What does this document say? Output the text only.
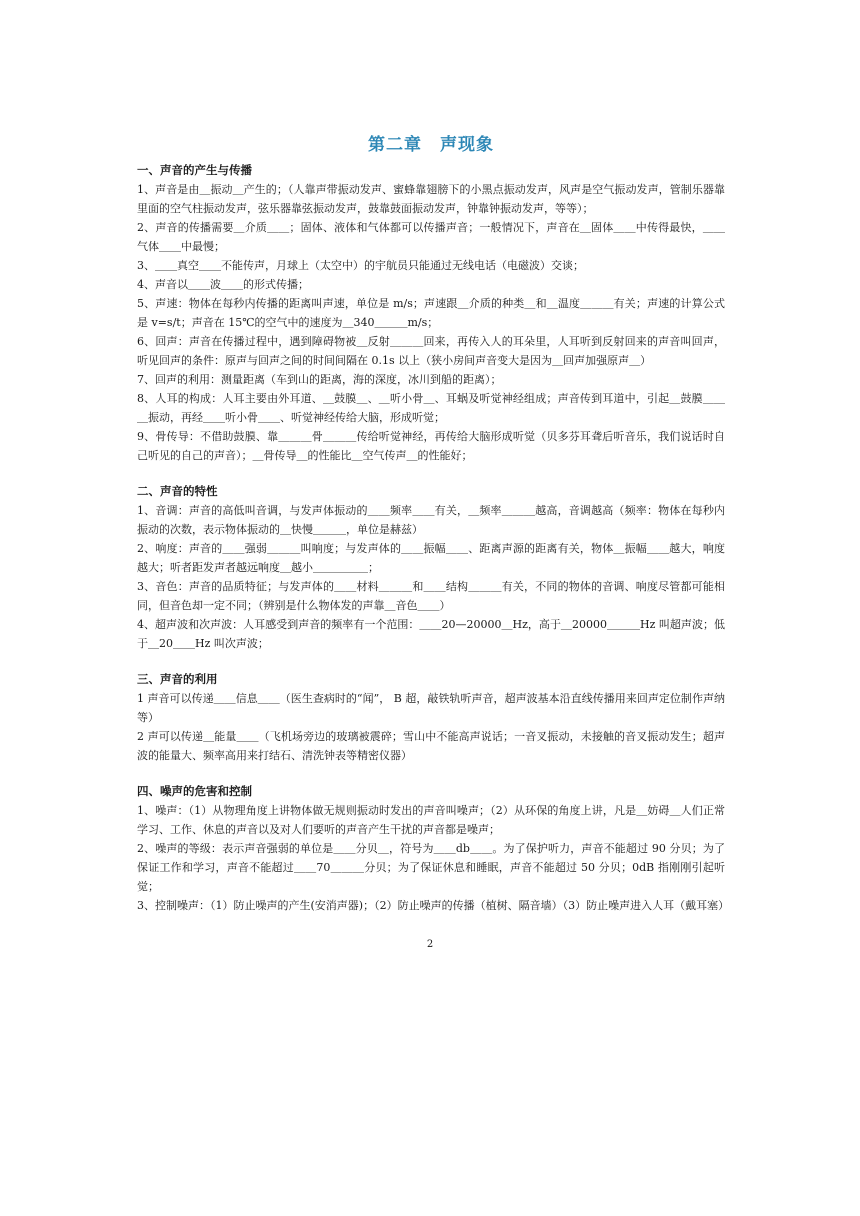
第二章　声现象

一、声音的产生与传播

1、声音是由＿振动＿产生的；（人靠声带振动发声、蜜蜂靠翅膀下的小黑点振动发声，风声是空气振动发声，管制乐器靠里面的空气柱振动发声，弦乐器靠弦振动发声，鼓靠鼓面振动发声，钟靠钟振动发声，等等）；

2、声音的传播需要＿介质＿＿；固体、液体和气体都可以传播声音；一般情况下，声音在＿固体＿＿中传得最快，＿＿气体＿＿中最慢；

3、＿＿真空＿＿不能传声，月球上（太空中）的宇航员只能通过无线电话（电磁波）交谈；

4、声音以＿＿波＿＿的形式传播；

5、声速：物体在每秒内传播的距离叫声速，单位是 m/s；声速跟＿介质的种类＿和＿温度＿＿＿有关；声速的计算公式是 v=s/t；声音在 15℃的空气中的速度为＿340＿＿＿m/s；

6、回声：声音在传播过程中，遇到障碍物被＿反射＿＿＿回来，再传入人的耳朵里，人耳听到反射回来的声音叫回声，听见回声的条件：原声与回声之间的时间间隔在 0.1s 以上（狭小房间声音变大是因为＿回声加强原声＿）

7、回声的利用：测量距离（车到山的距离，海的深度，冰川到船的距离）；

8、人耳的构成：人耳主要由外耳道、＿鼓膜＿、＿听小骨＿、耳蜗及听觉神经组成；声音传到耳道中，引起＿鼓膜＿＿＿振动，再经＿＿听小骨＿＿、听觉神经传给大脑，形成听觉；

9、骨传导：不借助鼓膜、靠＿＿＿骨＿＿＿传给听觉神经，再传给大脑形成听觉（贝多芬耳聋后听音乐，我们说话时自己听见的自己的声音）；＿骨传导＿的性能比＿空气传声＿的性能好；

二、声音的特性

1、音调：声音的高低叫音调，与发声体振动的＿＿频率＿＿有关，＿频率＿＿＿越高，音调越高（频率：物体在每秒内振动的次数，表示物体振动的＿快慢＿＿＿，单位是赫兹）

2、响度：声音的＿＿强弱＿＿＿叫响度；与发声体的＿＿振幅＿＿、距离声源的距离有关，物体＿振幅＿＿越大，响度越大；听者距发声者越远响度＿越小＿＿＿＿＿；

3、音色：声音的品质特征；与发声体的＿＿材料＿＿＿和＿＿结构＿＿＿有关，不同的物体的音调、响度尽管都可能相同，但音色却一定不同；（辨别是什么物体发的声靠＿音色＿＿）

4、超声波和次声波：人耳感受到声音的频率有一个范围：＿＿20—20000＿Hz，高于＿20000＿＿＿Hz 叫超声波；低于＿20＿＿Hz 叫次声波；

三、声音的利用

1 声音可以传递＿＿信息＿＿（医生查病时的“闻”， B 超，敲铁轨听声音，超声波基本沿直线传播用来回声定位制作声纳等）

2 声可以传递＿能量＿＿（飞机场旁边的玻璃被震碎；雪山中不能高声说话；一音叉振动，未接触的音叉振动发生；超声波的能量大、频率高用来打结石、清洗钟表等精密仪器）

四、噪声的危害和控制

1、噪声：（1）从物理角度上讲物体做无规则振动时发出的声音叫噪声；（2）从环保的角度上讲，凡是＿妨碍＿人们正常学习、工作、休息的声音以及对人们要听的声音产生干扰的声音都是噪声；

2、噪声的等级：表示声音强弱的单位是＿＿分贝＿，符号为＿＿db＿＿。为了保护听力，声音不能超过 90 分贝；为了保证工作和学习，声音不能超过＿＿70＿＿＿分贝；为了保证休息和睡眠，声音不能超过 50 分贝；0dB 指刚刚引起听觉；

3、控制噪声：（1）防止噪声的产生(安消声器)；（2）防止噪声的传播（植树、隔音墙）（3）防止噪声进入人耳（戴耳塞）

2
